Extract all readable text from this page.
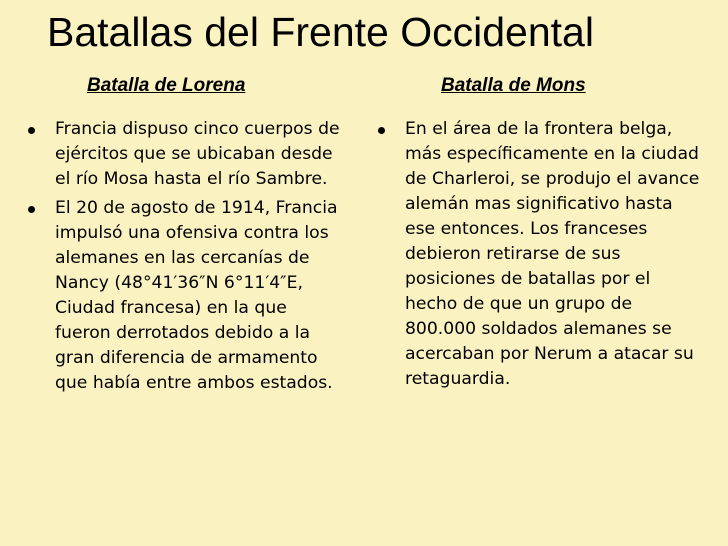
Batallas del Frente Occidental
Batalla de Lorena	Batalla de Mons
Francia dispuso cinco cuerpos de ejércitos que se ubicaban desde el río Mosa hasta el río Sambre.
El 20 de agosto de 1914, Francia impulsó una ofensiva contra los alemanes en las cercanías de Nancy (48°41′36″N 6°11′4″E, Ciudad francesa) en la que fueron derrotados debido a la gran diferencia de armamento que había entre ambos estados.
En el área de la frontera belga, más específicamente en la ciudad de Charleroi, se produjo el avance alemán mas significativo hasta ese entonces. Los franceses debieron retirarse de sus posiciones de batallas por el hecho de que un grupo de 800.000 soldados alemanes se acercaban por Nerum a atacar su retaguardia.
